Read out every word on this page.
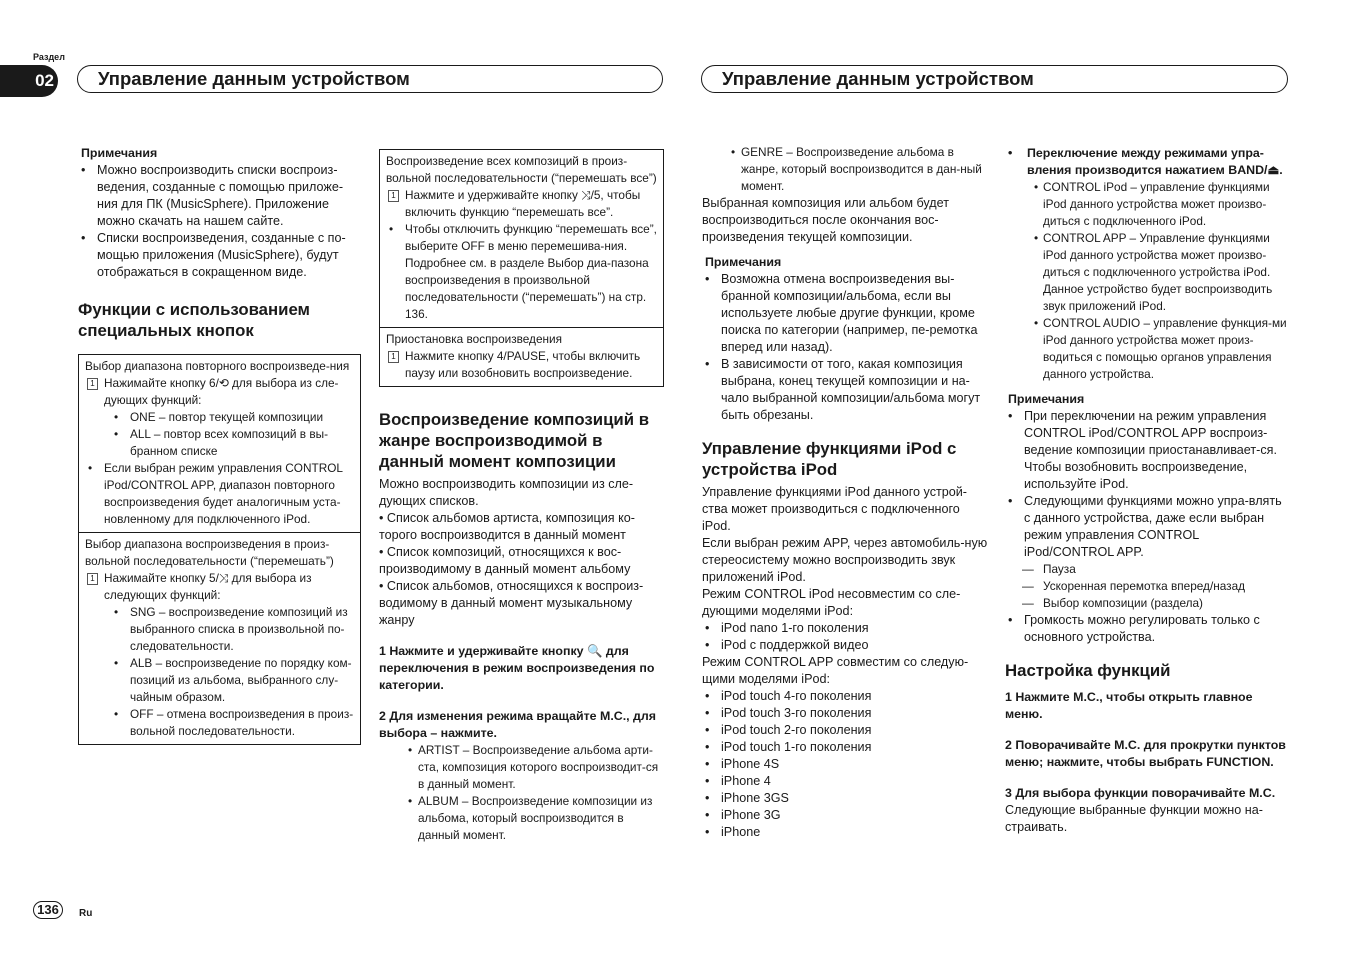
Раздел
02	Управление данным устройством	Управление данным устройством
Примечания
• Можно воспроизводить списки воспроиз-ведения, созданные с помощью приложе-ния для ПК (MusicSphere). Приложение можно скачать на нашем сайте.
• Списки воспроизведения, созданные с по-мощью приложения (MusicSphere), будут отображаться в сокращенном виде.
Функции с использованием специальных кнопок
Выбор диапазона повторного воспроизведе-ния
1 Нажимайте кнопку 6/⟲ для выбора из сле-дующих функций:
• ONE – повтор текущей композиции
• ALL – повтор всех композиций в вы-бранном списке
• Если выбран режим управления CONTROL iPod/CONTROL APP, диапазон повторного воспроизведения будет аналогичным уста-новленному для подключенного iPod.
Выбор диапазона воспроизведения в произ-вольной последовательности (“перемешать”)
1 Нажимайте кнопку 5/⤨ для выбора из следующих функций:
• SNG – воспроизведение композиций из выбранного списка в произвольной по-следовательности.
• ALB – воспроизведение по порядку ком-позиций из альбома, выбранного слу-чайным образом.
• OFF – отмена воспроизведения в произ-вольной последовательности.
Воспроизведение всех композиций в произ-вольной последовательности (“перемешать все”)
1 Нажмите и удерживайте кнопку ⤨/5, чтобы включить функцию “перемешать все”.
• Чтобы отключить функцию “перемешать все”, выберите OFF в меню перемешива-ния. Подробнее см. в разделе Выбор диа-пазона воспроизведения в произвольной последовательности (“перемешать”) на стр. 136.
Приостановка воспроизведения
1 Нажмите кнопку 4/PAUSE, чтобы включить паузу или возобновить воспроизведение.
Воспроизведение композиций в жанре воспроизводимой в данный момент композиции
Можно воспроизводить композиции из сле-дующих списков.
• Список альбомов артиста, композиция ко-торого воспроизводится в данный момент
• Список композиций, относящихся к вос-производимому в данный момент альбому
• Список альбомов, относящихся к воспроиз-водимому в данный момент музыкальному жанру
1 Нажмите и удерживайте кнопку 🔍 для переключения в режим воспроизведения по категории.
2 Для изменения режима вращайте M.C., для выбора – нажмите.
• ARTIST – Воспроизведение альбома арти-ста, композиция которого воспроизводит-ся в данный момент.
• ALBUM – Воспроизведение композиции из альбома, который воспроизводится в данный момент.
• GENRE – Воспроизведение альбома в жанре, который воспроизводится в дан-ный момент.
Выбранная композиция или альбом будет воспроизводиться после окончания вос-произведения текущей композиции.
Примечания
• Возможна отмена воспроизведения вы-бранной композиции/альбома, если вы используете любые другие функции, кроме поиска по категории (например, пе-ремотка вперед или назад).
• В зависимости от того, какая композиция выбрана, конец текущей композиции и на-чало выбранной композиции/альбома могут быть обрезаны.
Управление функциями iPod с устройства iPod
Управление функциями iPod данного устрой-ства может производиться с подключенного iPod.
Если выбран режим APP, через автомобиль-ную стереосистему можно воспроизводить звук приложений iPod.
Режим CONTROL iPod несовместим со сле-дующими моделями iPod:
• iPod nano 1-го поколения
• iPod с поддержкой видео
Режим CONTROL APP совместим со следую-щими моделями iPod:
• iPod touch 4-го поколения
• iPod touch 3-го поколения
• iPod touch 2-го поколения
• iPod touch 1-го поколения
• iPhone 4S
• iPhone 4
• iPhone 3GS
• iPhone 3G
• iPhone
• Переключение между режимами упра-вления производится нажатием BAND/⏏.
• CONTROL iPod – управление функциями iPod данного устройства может произво-диться с подключенного iPod.
• CONTROL APP – Управление функциями iPod данного устройства может произво-диться с подключенного устройства iPod. Данное устройство будет воспроизводить звук приложений iPod.
• CONTROL AUDIO – управление функция-ми iPod данного устройства может произ-водиться с помощью органов управления данного устройства.
Примечания
• При переключении на режим управления CONTROL iPod/CONTROL APP воспроиз-ведение композиции приостанавливает-ся. Чтобы возобновить воспроизведение, используйте iPod.
• Следующими функциями можно упра-влять с данного устройства, даже если выбран режим управления CONTROL iPod/CONTROL APP.
— Пауза
— Ускоренная перемотка вперед/назад
— Выбор композиции (раздела)
• Громкость можно регулировать только с основного устройства.
Настройка функций
1 Нажмите M.C., чтобы открыть главное меню.
2 Поворачивайте M.C. для прокрутки пунктов меню; нажмите, чтобы выбрать FUNCTION.
3 Для выбора функции поворачивайте M.C.
Следующие выбранные функции можно на-страивать.
136	Ru
